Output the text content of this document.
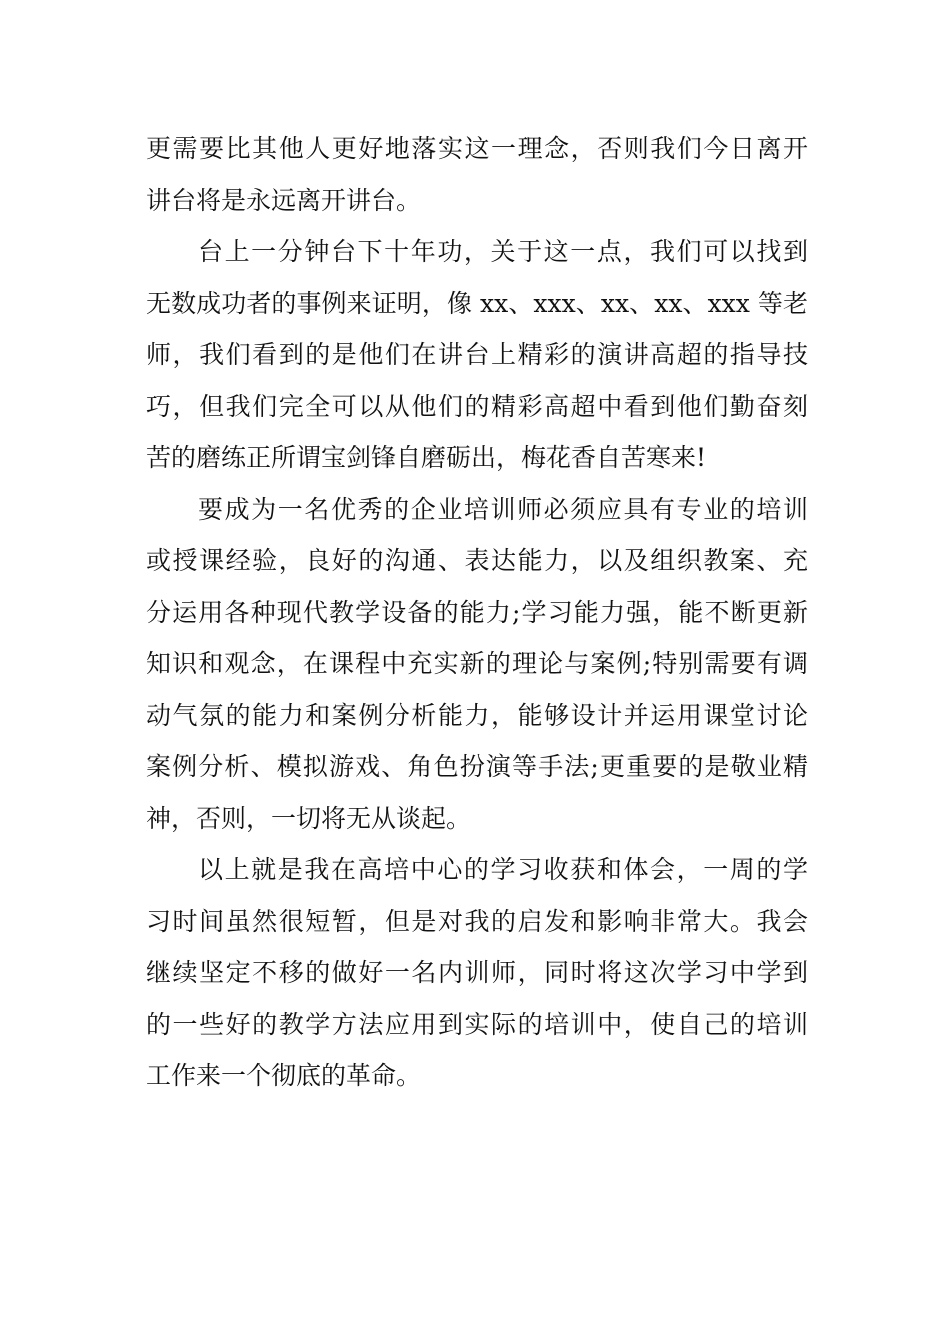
更需要比其他人更好地落实这一理念，否则我们今日离开
讲台将是永远离开讲台。
台上一分钟台下十年功，关于这一点，我们可以找到
无数成功者的事例来证明，像 xx、xxx、xx、xx、xxx 等老
师，我们看到的是他们在讲台上精彩的演讲高超的指导技
巧，但我们完全可以从他们的精彩高超中看到他们勤奋刻
苦的磨练正所谓宝剑锋自磨砺出，梅花香自苦寒来!
要成为一名优秀的企业培训师必须应具有专业的培训
或授课经验，良好的沟通、表达能力，以及组织教案、充
分运用各种现代教学设备的能力;学习能力强，能不断更新
知识和观念，在课程中充实新的理论与案例;特别需要有调
动气氛的能力和案例分析能力，能够设计并运用课堂讨论
案例分析、模拟游戏、角色扮演等手法;更重要的是敬业精
神，否则，一切将无从谈起。
以上就是我在高培中心的学习收获和体会，一周的学
习时间虽然很短暂，但是对我的启发和影响非常大。我会
继续坚定不移的做好一名内训师，同时将这次学习中学到
的一些好的教学方法应用到实际的培训中，使自己的培训
工作来一个彻底的革命。
